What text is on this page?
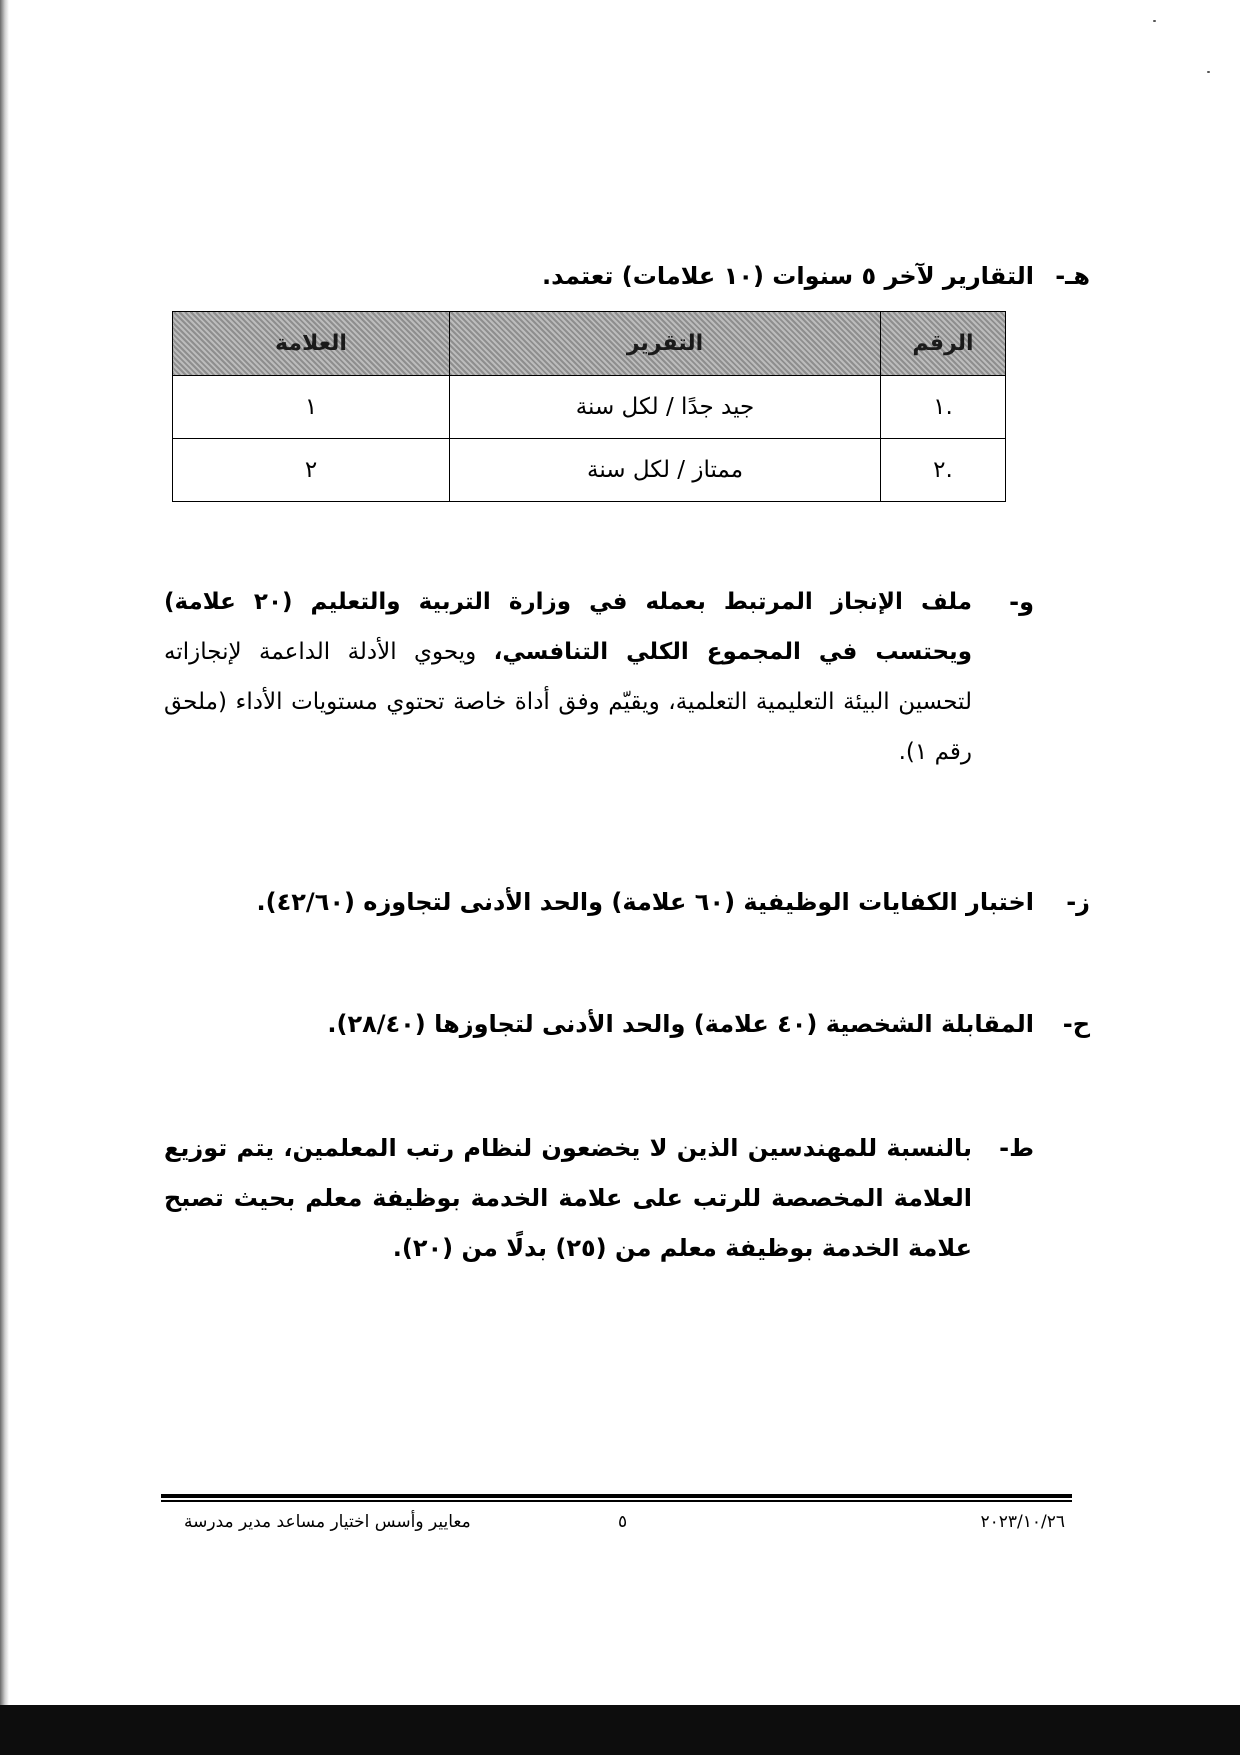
هـ-
التقارير لآخر ٥ سنوات (١٠ علامات) تعتمد.
الرقم	التقرير	العلامة
.١	جيد جدًا / لكل سنة	١
.٢	ممتاز / لكل سنة	٢
و-
ملف الإنجاز المرتبط بعمله في وزارة التربية والتعليم (٢٠ علامة) ويحتسب في المجموع الكلي التنافسي، ويحوي الأدلة الداعمة لإنجازاته لتحسين البيئة التعليمية التعلمية، ويقيّم وفق أداة خاصة تحتوي مستويات الأداء (ملحق رقم ١).
ز-
اختبار الكفايات الوظيفية (٦٠ علامة) والحد الأدنى لتجاوزه (٤٢/٦٠).
ح-
المقابلة الشخصية (٤٠ علامة) والحد الأدنى لتجاوزها (٢٨/٤٠).
ط-
بالنسبة للمهندسين الذين لا يخضعون لنظام رتب المعلمين، يتم توزيع العلامة المخصصة للرتب على علامة الخدمة بوظيفة معلم بحيث تصبح علامة الخدمة بوظيفة معلم من (٢٥) بدلًا من (٢٠).
معايير وأسس اختيار مساعد مدير مدرسة	٥	٢٠٢٣/١٠/٢٦
